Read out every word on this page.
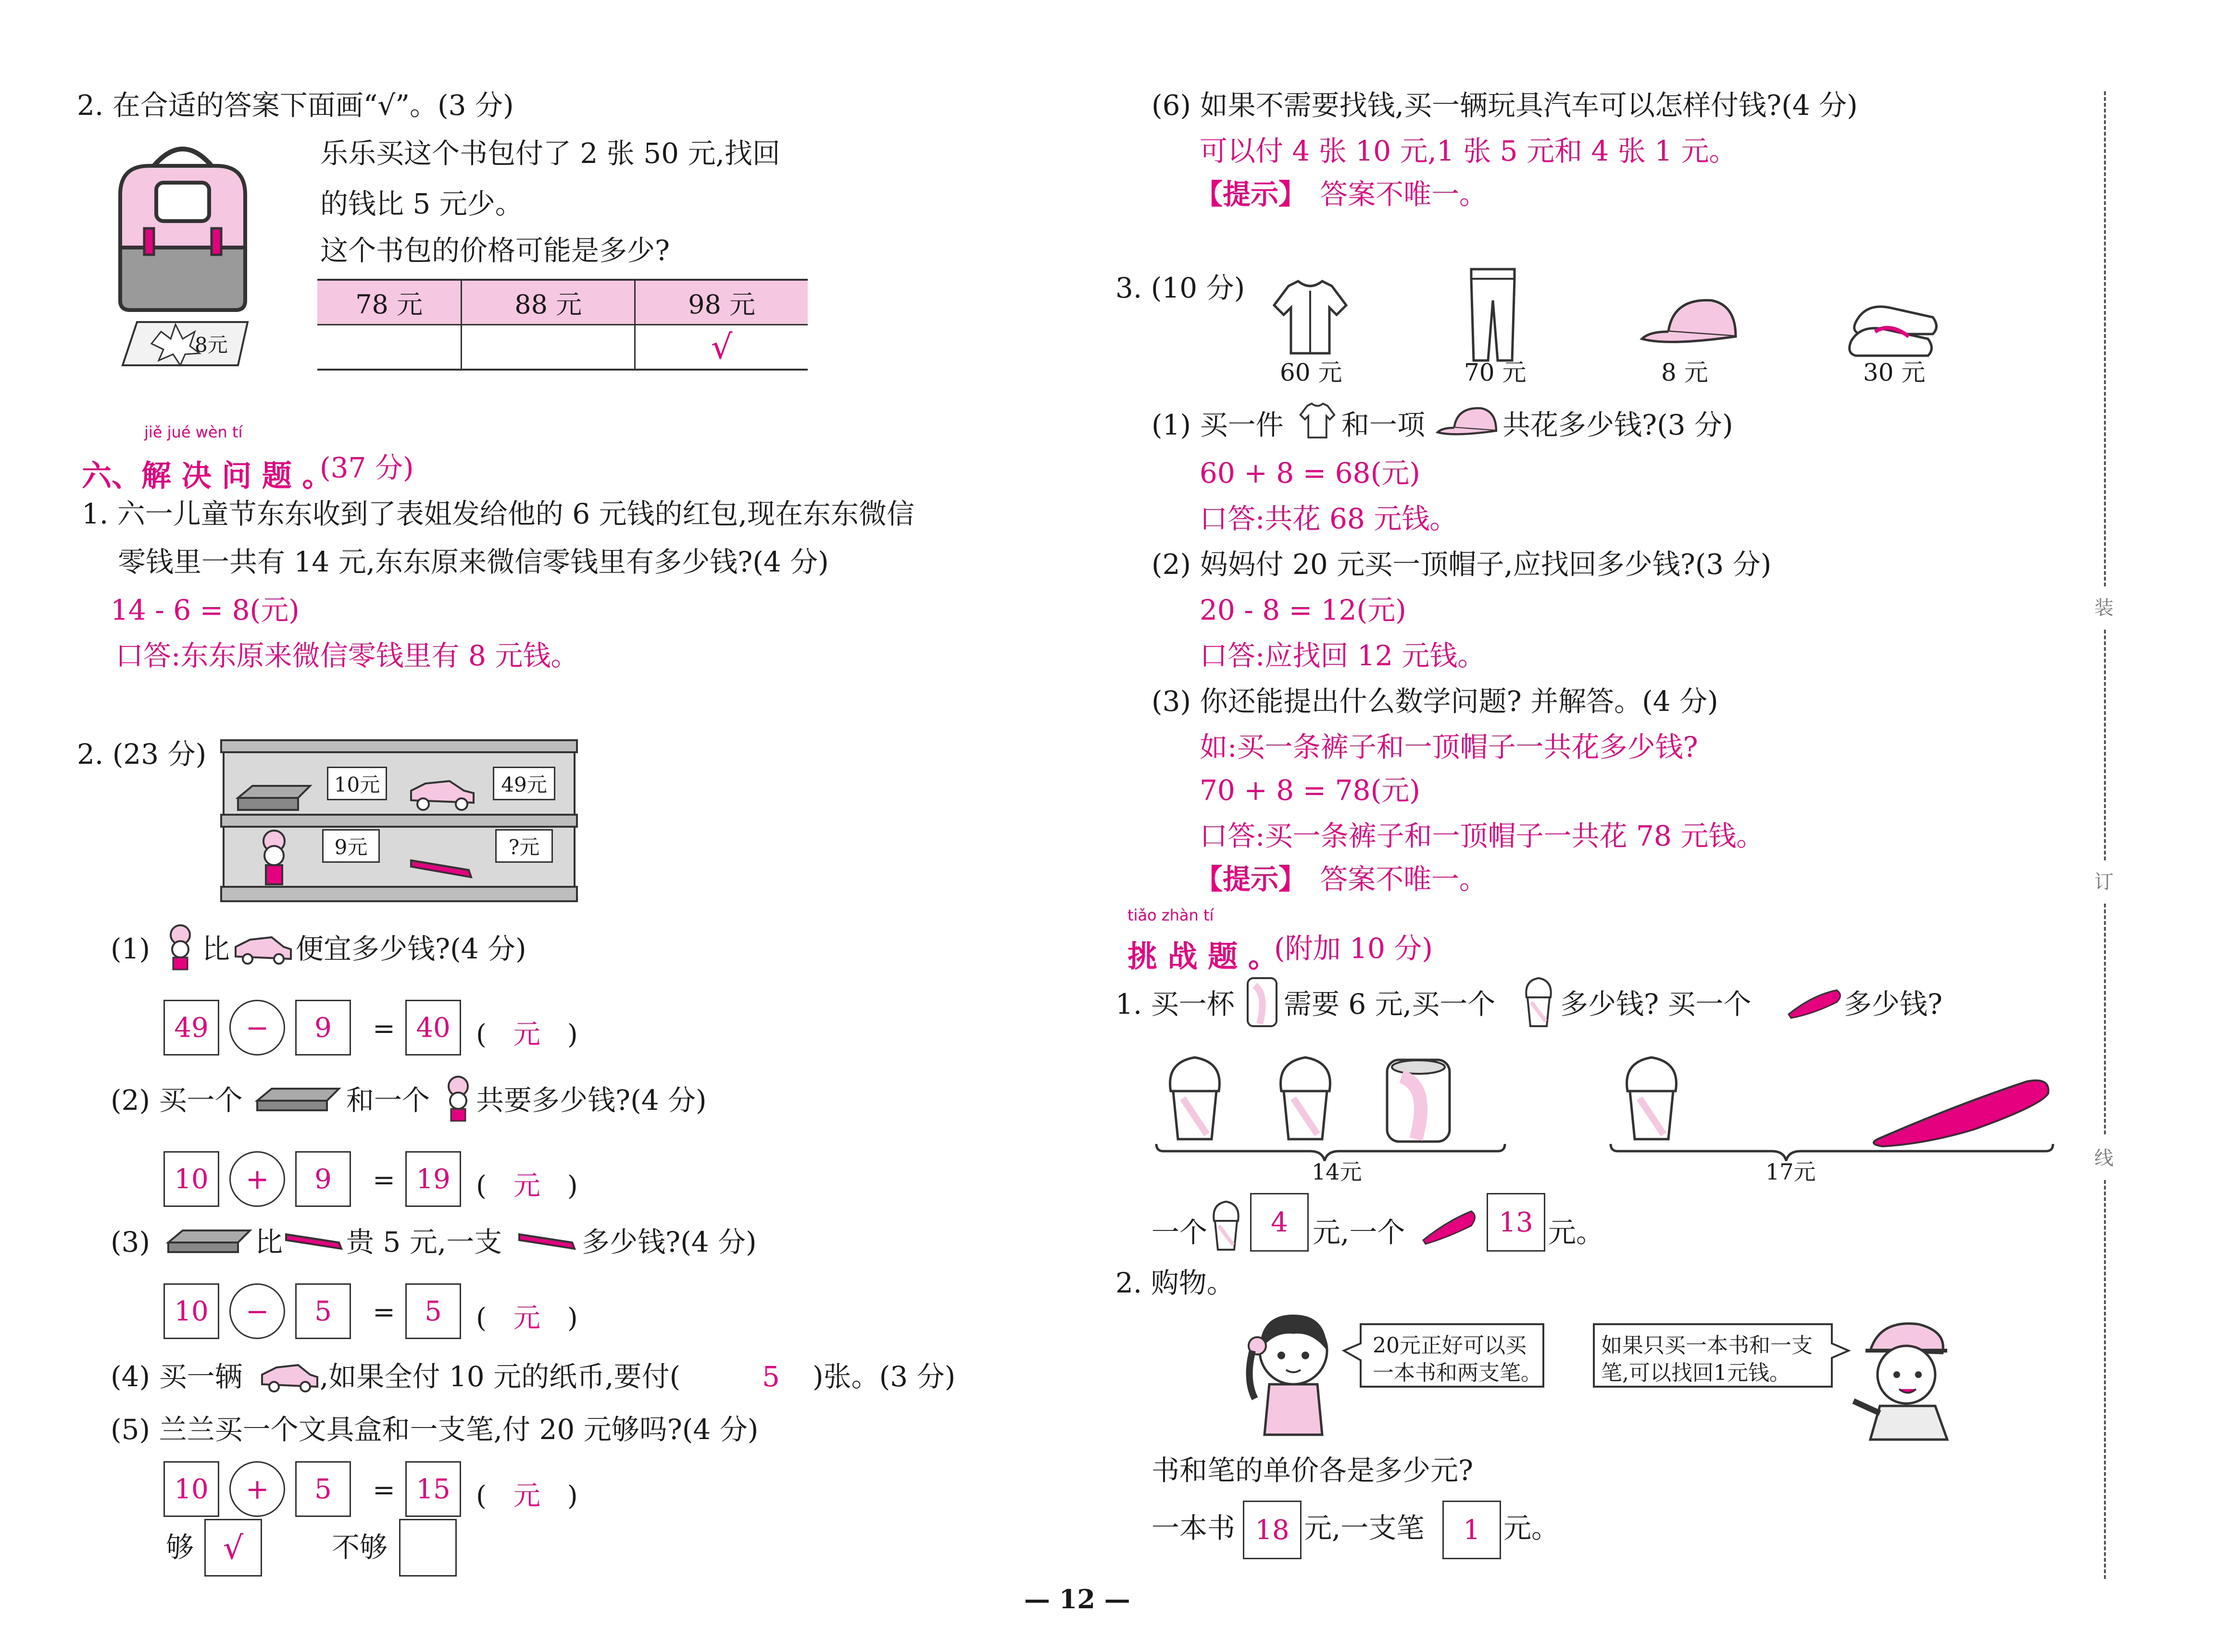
2. 在合适的答案下面画“√”。(3 分)
8元
乐乐买这个书包付了 2 张 50 元,找回
的钱比 5 元少。
这个书包的价格可能是多少?
78 元	88 元	98 元
		√
jiě jué wèn tí
六、解 决 问 题 。
(37 分)
1. 六一儿童节东东收到了表姐发给他的 6 元钱的红包,现在东东微信
零钱里一共有 14 元,东东原来微信零钱里有多少钱?(4 分)
14 - 6 = 8(元)
口答:东东原来微信零钱里有 8 元钱。
2. (23 分)
10元	49元
9元	?元
(1) 比 便宜多少钱?(4 分)
49	−	9	= 40 (　元　)
(2) 买一个	和一个 共要多少钱?(4 分)
10	+	9	= 19 (　元　)
(3)	比 贵 5 元,一支	多少钱?(4 分)
10	−	5	=	5	(　元　)
(4) 买一辆	,如果全付 10 元的纸币,要付(	5 )张。(3 分)
(5) 兰兰买一个文具盒和一支笔,付 20 元够吗?(4 分)
10	+	5	= 15 (　元　)
够 √	不够
(6) 如果不需要找钱,买一辆玩具汽车可以怎样付钱?(4 分)
可以付 4 张 10 元,1 张 5 元和 4 张 1 元。
【提示】 答案不唯一。
3. (10 分)
60 元	70 元	8 元	30 元
(1) 买一件 和一项	共花多少钱?(3 分)
60 + 8 = 68(元)
口答:共花 68 元钱。
(2) 妈妈付 20 元买一顶帽子,应找回多少钱?(3 分)
20 - 8 = 12(元)
口答:应找回 12 元钱。
(3) 你还能提出什么数学问题? 并解答。(4 分)
如:买一条裤子和一顶帽子一共花多少钱?
70 + 8 = 78(元)
口答:买一条裤子和一顶帽子一共花 78 元钱。
【提示】 答案不唯一。
tiǎo zhàn tí
挑 战 题 。
(附加 10 分)
1. 买一杯 需要 6 元,买一个 多少钱? 买一个	多少钱?
14元	17元
一个	4 元,一个	13 元。
2. 购物。
20元正好可以买
一本书和两支笔。
如果只买一本书和一支
笔,可以找回1元钱。
书和笔的单价各是多少元?
一本书 18 元,一支笔	1 元。
装
订
线
— 12 —
